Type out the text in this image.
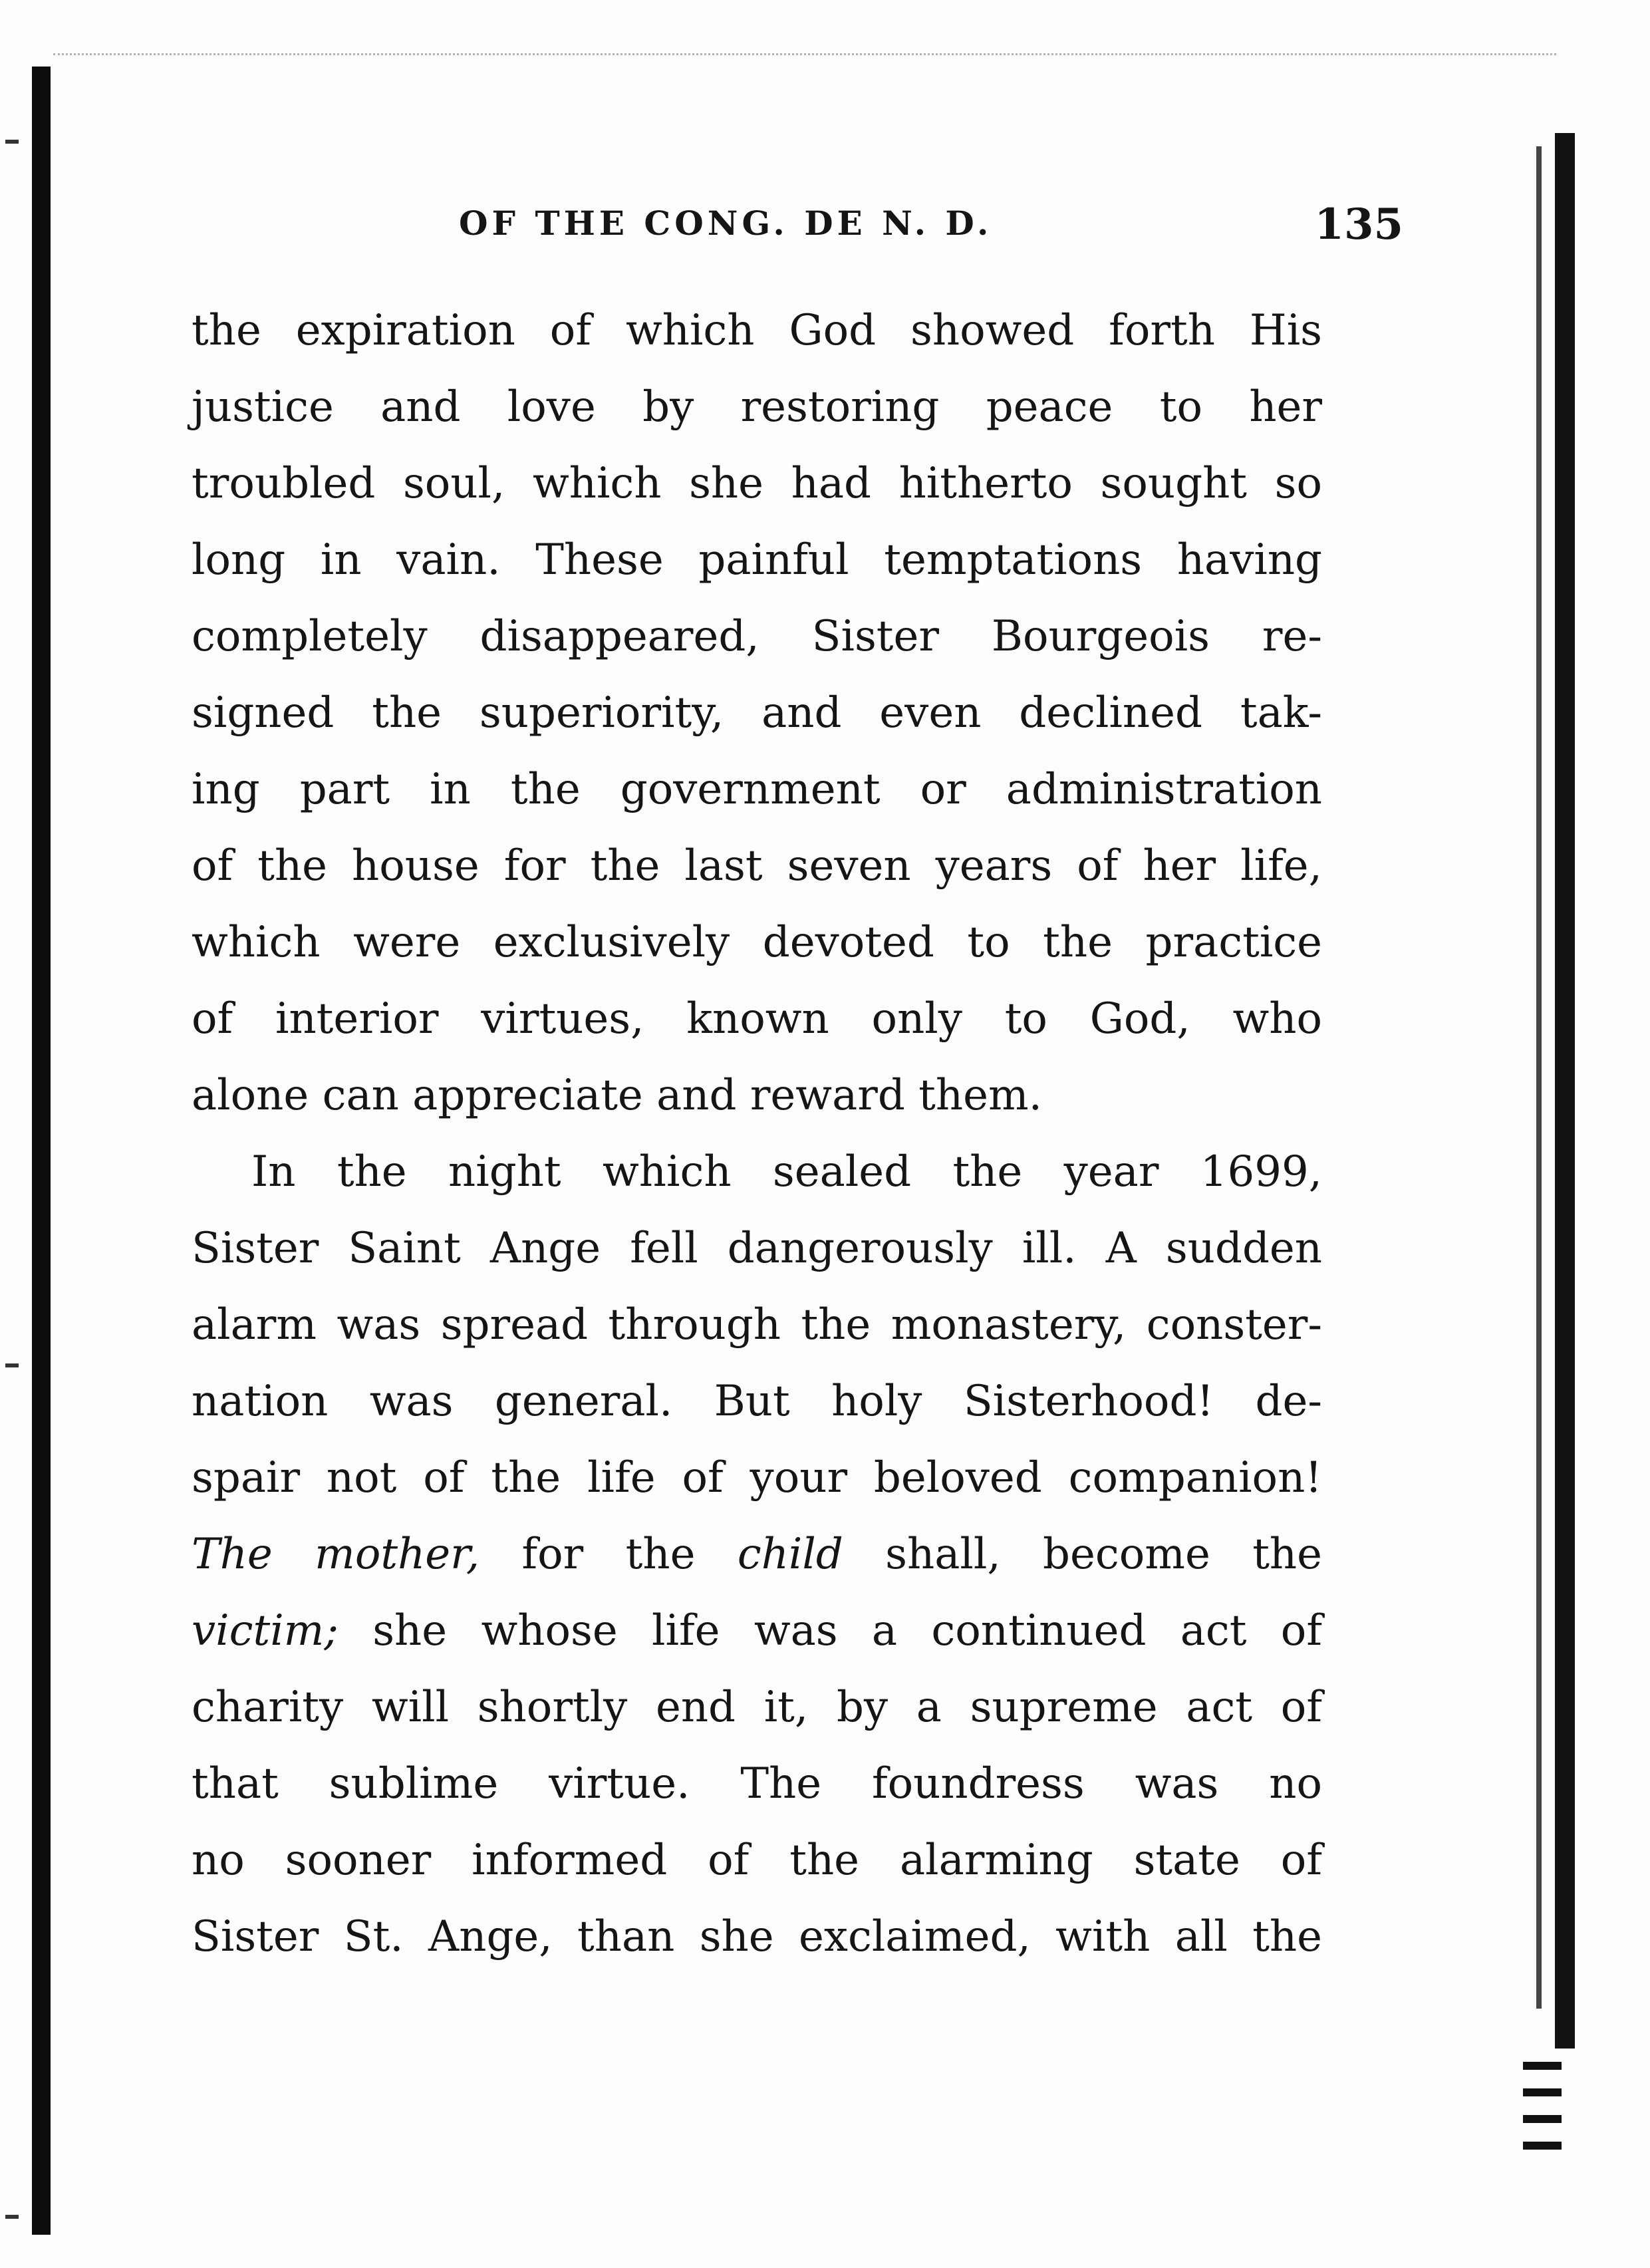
OF THE CONG. DE N. D.	135
the expiration of which God showed forth His
justice and love by restoring peace to her
troubled soul, which she had hitherto sought so
long in vain. These painful temptations having
completely disappeared, Sister Bourgeois re-
signed the superiority, and even declined tak-
ing part in the government or administration
of the house for the last seven years of her life,
which were exclusively devoted to the practice
of interior virtues, known only to God, who
alone can appreciate and reward them.
In the night which sealed the year 1699,
Sister Saint Ange fell dangerously ill. A sudden
alarm was spread through the monastery, conster-
nation was general. But holy Sisterhood! de-
spair not of the life of your beloved companion!
The mother, for the child shall, become the
victim; she whose life was a continued act of
charity will shortly end it, by a supreme act of
that sublime virtue. The foundress was no
no sooner informed of the alarming state of
Sister St. Ange, than she exclaimed, with all the
